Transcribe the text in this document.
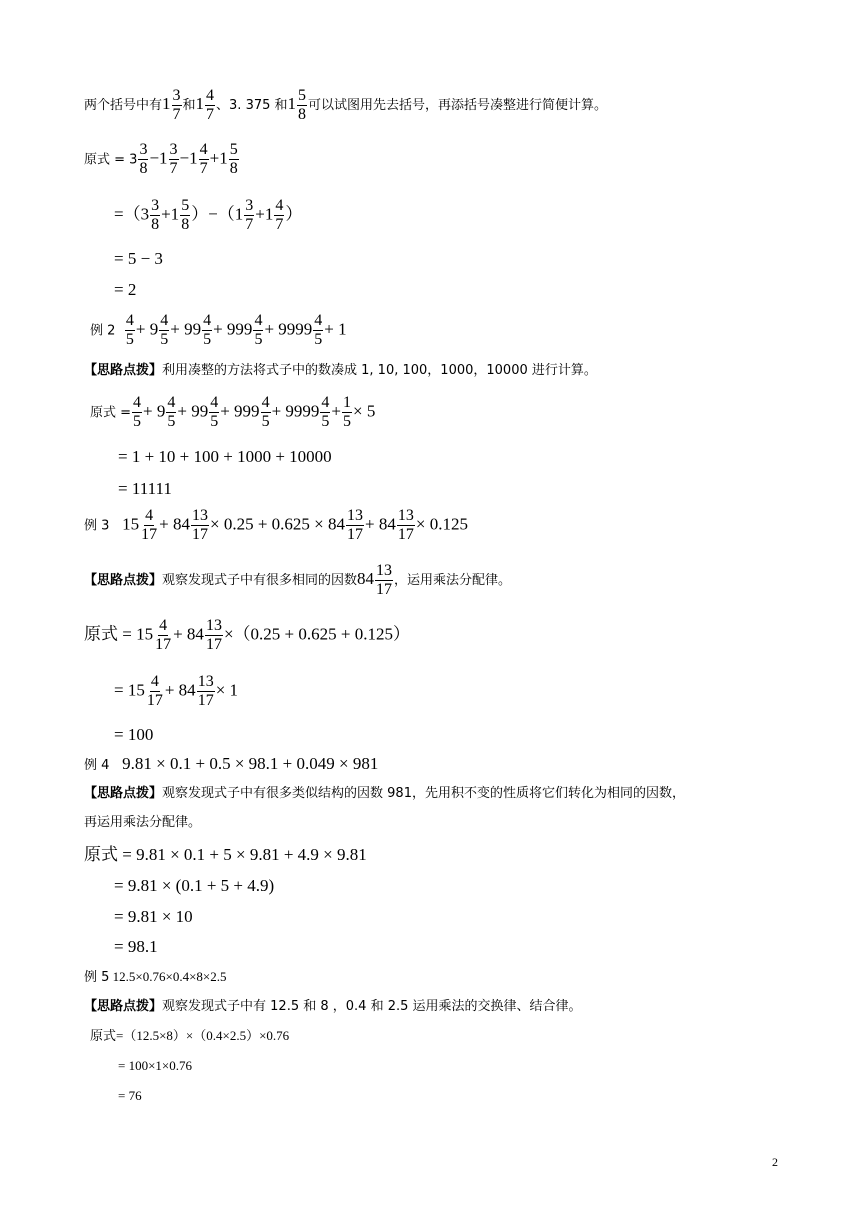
两个括号中有$1 \frac{3}{7}$ 和$1 \frac{4}{7}$ 、3. 375 和$1 \frac{5}{8}$ 可以试图用先去括号，再添括号凑整进行简便计算。
原式 = $3 \frac{3}{8} -1 \frac{3}{7} -1 \frac{4}{7} +1 \frac{5}{8}$
$=(3 \frac{3}{8} +1 \frac{5}{8} )-(1 \frac{3}{7} +1 \frac{4}{7}$ ）
= 5 − 3
= 2
例 $2 \frac{4}{5} + 9 \frac{4}{5} + 99 \frac{4}{5} + 999 \frac{4}{5} + 9999 \frac{4}{5} + 1$
【思路点拨】利用凑整的方法将式子中的数凑成 1, 10, 100，1000，10000 进行计算。
原式 = $\frac{4}{5} + 9 \frac{4}{5} + 99 \frac{4}{5} + 999 \frac{4}{5} + 9999 \frac{4}{5} + \frac{1}{5} \times 5$
= 1 + 10 + 100 + 1000 + 10000
= 11111
例 3 $15 \frac{4}{17} + 84 \frac{13}{17} \times 0.25 + 0.625 \times 84 \frac{13}{17} + 84 \frac{13}{17} \times 0.125$
【思路点拨】观察发现式子中有很多相同的因数$84 \frac{13}{17}$ ，运用乘法分配律。
原式 = $15 \frac{4}{17} + 84 \frac{13}{17} \times(0.25 + 0.625 + 0.125)$
= $15 \frac{4}{17} + 84 \frac{13}{17} \times 1$
= 100
例 4 9.81 × 0.1 + 0.5 × 98.1 + 0.049 × 981
【思路点拨】观察发现式子中有很多类似结构的因数 981，先用积不变的性质将它们转化为相同的因数，
再运用乘法分配律。
原式 = 9.81 × 0.1 + 5 × 9.81 + 4.9 × 9.81
= 9.81 × (0.1 + 5 + 4.9)
= 9.81 × 10
= 98.1
例 5 12.5×0.76×0.4×8×2.5
【思路点拨】观察发现式子中有 12.5 和 8 ，0.4 和 2.5 运用乘法的交换律、结合律。
原式=（12.5×8）×（0.4×2.5）×0.76
= 100×1×0.76
= 76
2
